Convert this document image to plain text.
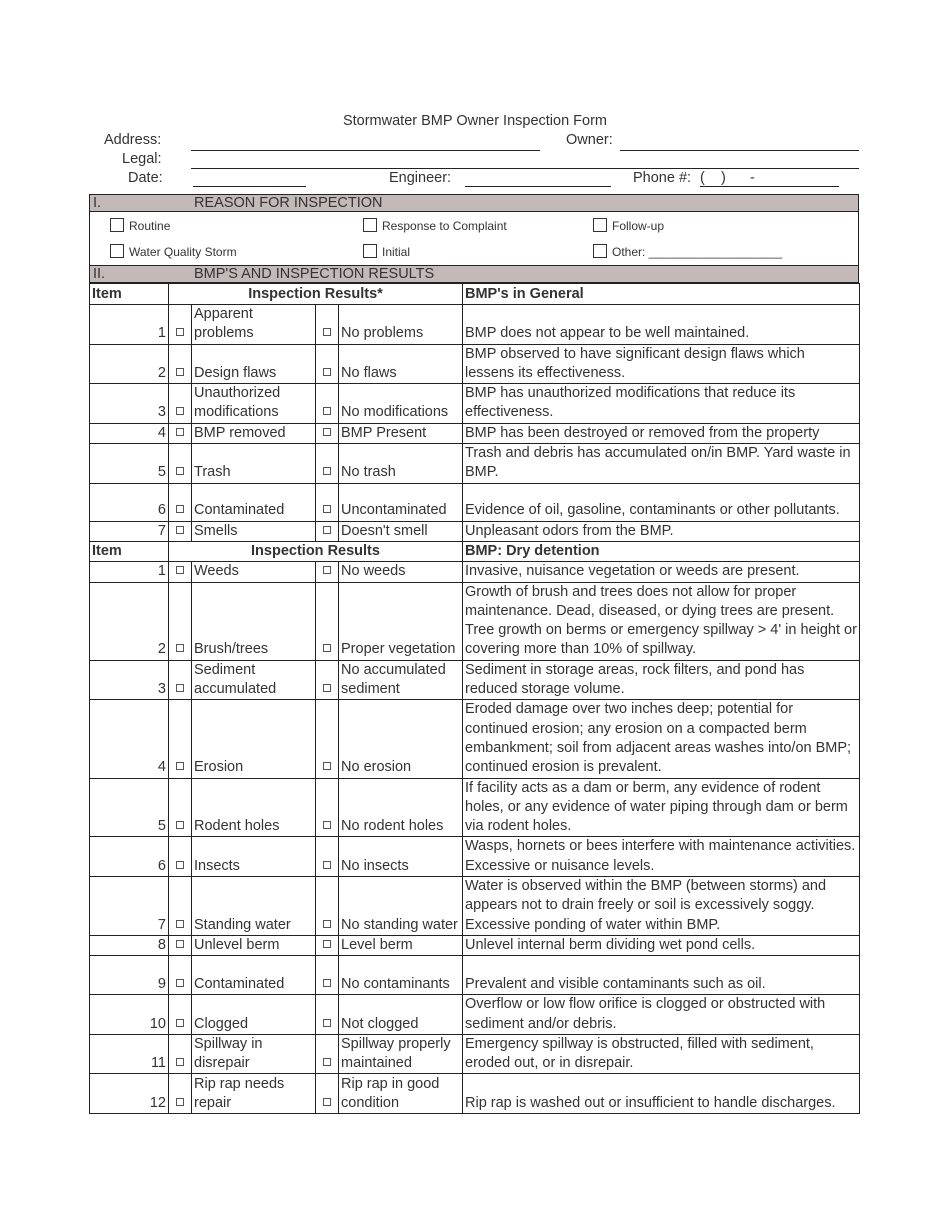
Stormwater BMP Owner Inspection Form
Address:	Owner:
Legal:
Date:	Engineer:	Phone #: (    )      -
I.	REASON FOR INSPECTION
Routine	Response to Complaint	Follow-up
Water Quality Storm	Initial	Other: ____________________
II.	BMP'S AND INSPECTION RESULTS
Item	Inspection Results*				BMP's in General
1		Apparent problems		No problems	BMP does not appear to be well maintained.
2		Design flaws		No flaws	BMP observed to have significant design flaws which lessens its effectiveness.
3		Unauthorized modifications		No modifications	BMP has unauthorized modifications that reduce its effectiveness.
4		BMP removed		BMP Present	BMP has been destroyed or removed from the property
5		Trash		No trash	Trash and debris has accumulated on/in BMP. Yard waste in BMP.
6		Contaminated		Uncontaminated	Evidence of oil, gasoline, contaminants or other pollutants.
7		Smells		Doesn't smell	Unpleasant odors from the BMP.
Item	Inspection Results				BMP: Dry detention
1		Weeds		No weeds	Invasive, nuisance vegetation or weeds are present.
2		Brush/trees		Proper vegetation	Growth of brush and trees does not allow for proper maintenance. Dead, diseased, or dying trees are present. Tree growth on berms or emergency spillway > 4' in height or covering more than 10% of spillway.
3		Sediment accumulated		No accumulated sediment	Sediment in storage areas, rock filters, and pond has reduced storage volume.
4		Erosion		No erosion	Eroded damage over two inches deep; potential for continued erosion; any erosion on a compacted berm embankment; soil from adjacent areas washes into/on BMP; continued erosion is prevalent.
5		Rodent holes		No rodent holes	If facility acts as a dam or berm, any evidence of rodent holes, or any evidence of water piping through dam or berm via rodent holes.
6		Insects		No insects	Wasps, hornets or bees interfere with maintenance activities. Excessive or nuisance levels.
7		Standing water		No standing water	Water is observed within the BMP (between storms) and appears not to drain freely or soil is excessively soggy. Excessive ponding of water within BMP.
8		Unlevel berm		Level berm	Unlevel internal berm dividing wet pond cells.
9		Contaminated		No contaminants	Prevalent and visible contaminants such as oil.
10		Clogged		Not clogged	Overflow or low flow orifice is clogged or obstructed with sediment and/or debris.
11		Spillway in disrepair		Spillway properly maintained	Emergency spillway is obstructed, filled with sediment, eroded out, or in disrepair.
12		Rip rap needs repair		Rip rap in good condition	Rip rap is washed out or insufficient to handle discharges.
